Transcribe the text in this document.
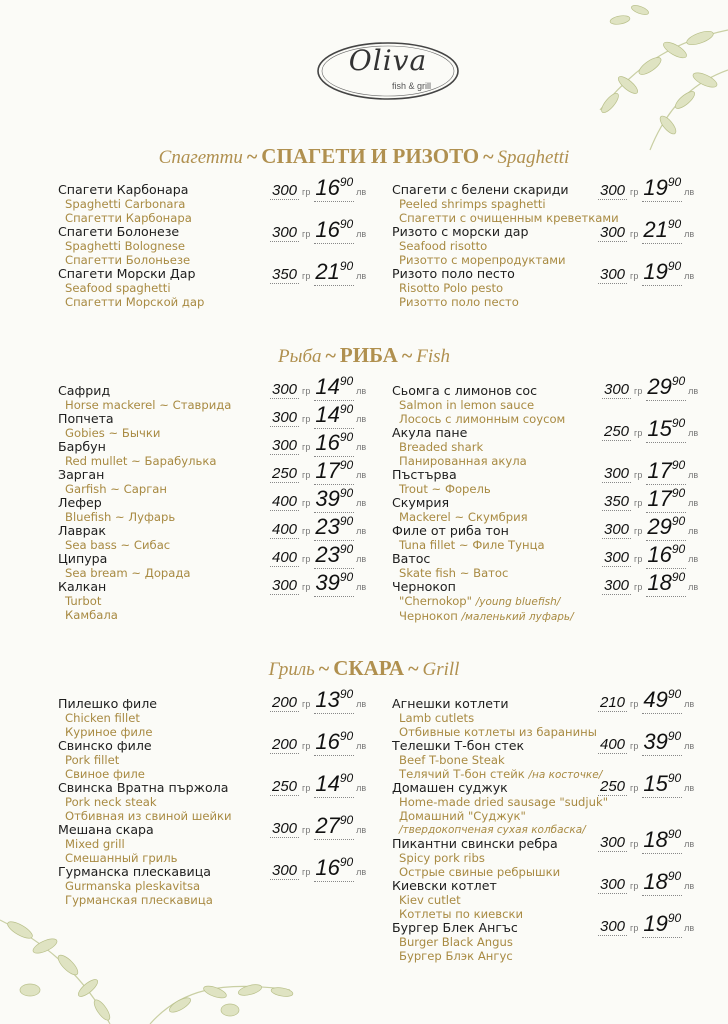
Oliva
fish & grill
Спагетти ~ СПАГЕТИ И РИЗОТО ~ Spaghetti
Рыба ~ РИБА ~ Fish
Гриль ~ СКАРА ~ Grill
Спагети Карбонара
Spaghetti Carbonara
Спагетти Карбонара
300 гр $16^{90}лв$
Спагети Болонезе
Spaghetti Bolognese
Спагетти Болоньезе
300 гр $16^{90}лв$
Спагети Морски Дар
Seafood spaghetti
Спагетти Морской дар
350 гр $21^{90}лв$
Спагети с белени скариди
Peeled shrimps spaghetti
Спагетти с очищенным креветками
300 гр $19^{90}лв$
Ризото с морски дар
Seafood risotto
Ризотто с морепродуктами
300 гр $21^{90}лв$
Ризото поло песто
Risotto Polo pesto
Ризотто поло песто
300 гр $19^{90}лв$
Сафрид
Horse mackerel ~ Ставрида
300 гр $14^{90}лв$
Попчета
Gobies ~ Бычки
300 гр $14^{90}лв$
Барбун
Red mullet ~ Барабулька
300 гр $16^{90}лв$
Зарган
Garfish ~ Сарган
250 гр $17^{90}лв$
Лефер
Bluefish ~ Луфарь
400 гр $39^{90}лв$
Лаврак
Sea bass ~ Сибас
400 гр $23^{90}лв$
Ципура
Sea bream ~ Дорада
400 гр $23^{90}лв$
Калкан
Turbot
Камбала
300 гр $39^{90}лв$
Сьомга с лимонов сос
Salmon in lemon sauce
Лосось с лимонным соусом
300 гр $29^{90}лв$
Акула пане
Breaded shark
Панированная акула
250 гр $15^{90}лв$
Пъстърва
Trout ~ Форель
300 гр $17^{90}лв$
Скумрия
Mackerel ~ Скумбрия
350 гр $17^{90}лв$
Филе от риба тон
Tuna fillet ~ Филе Тунца
300 гр $29^{90}лв$
Ватос
Skate fish ~ Ватос
300 гр $16^{90}лв$
Чернокоп
"Chernokop" /young bluefish/
Чернокоп /маленький луфарь/
300 гр $18^{90}лв$
Пилешко филе
Chicken fillet
Куриное филе
200 гр $13^{90}лв$
Свинско филе
Pork fillet
Свиное филе
200 гр $16^{90}лв$
Свинска Вратна пържола
Pork neck steak
Отбивная из свиной шейки
250 гр $14^{90}лв$
Мешана скара
Mixed grill
Смешанный гриль
300 гр $27^{90}лв$
Гурманска плескавица
Gurmanska pleskavitsa
Гурманская плескавица
300 гр $16^{90}лв$
Агнешки котлети
Lamb cutlets
Отбивные котлеты из баранины
210 гр $49^{90}лв$
Телешки Т-бон стек
Beef T-bone Steak
Телячий Т-бон стейк /на косточке/
400 гр $39^{90}лв$
Домашен суджук
Home-made dried sausage "sudjuk"
Домашний "Суджук"
/твердокопченая сухая колбаска/
250 гр $15^{90}лв$
Пикантни свински ребра
Spicy pork ribs
Острые свиные ребрышки
300 гр $18^{90}лв$
Киевски котлет
Kiev cutlet
Котлеты по киевски
300 гр $18^{90}лв$
Бургер Блек Ангъс
Burger Black Angus
Бургер Блэк Ангус
300 гр $19^{90}лв$
